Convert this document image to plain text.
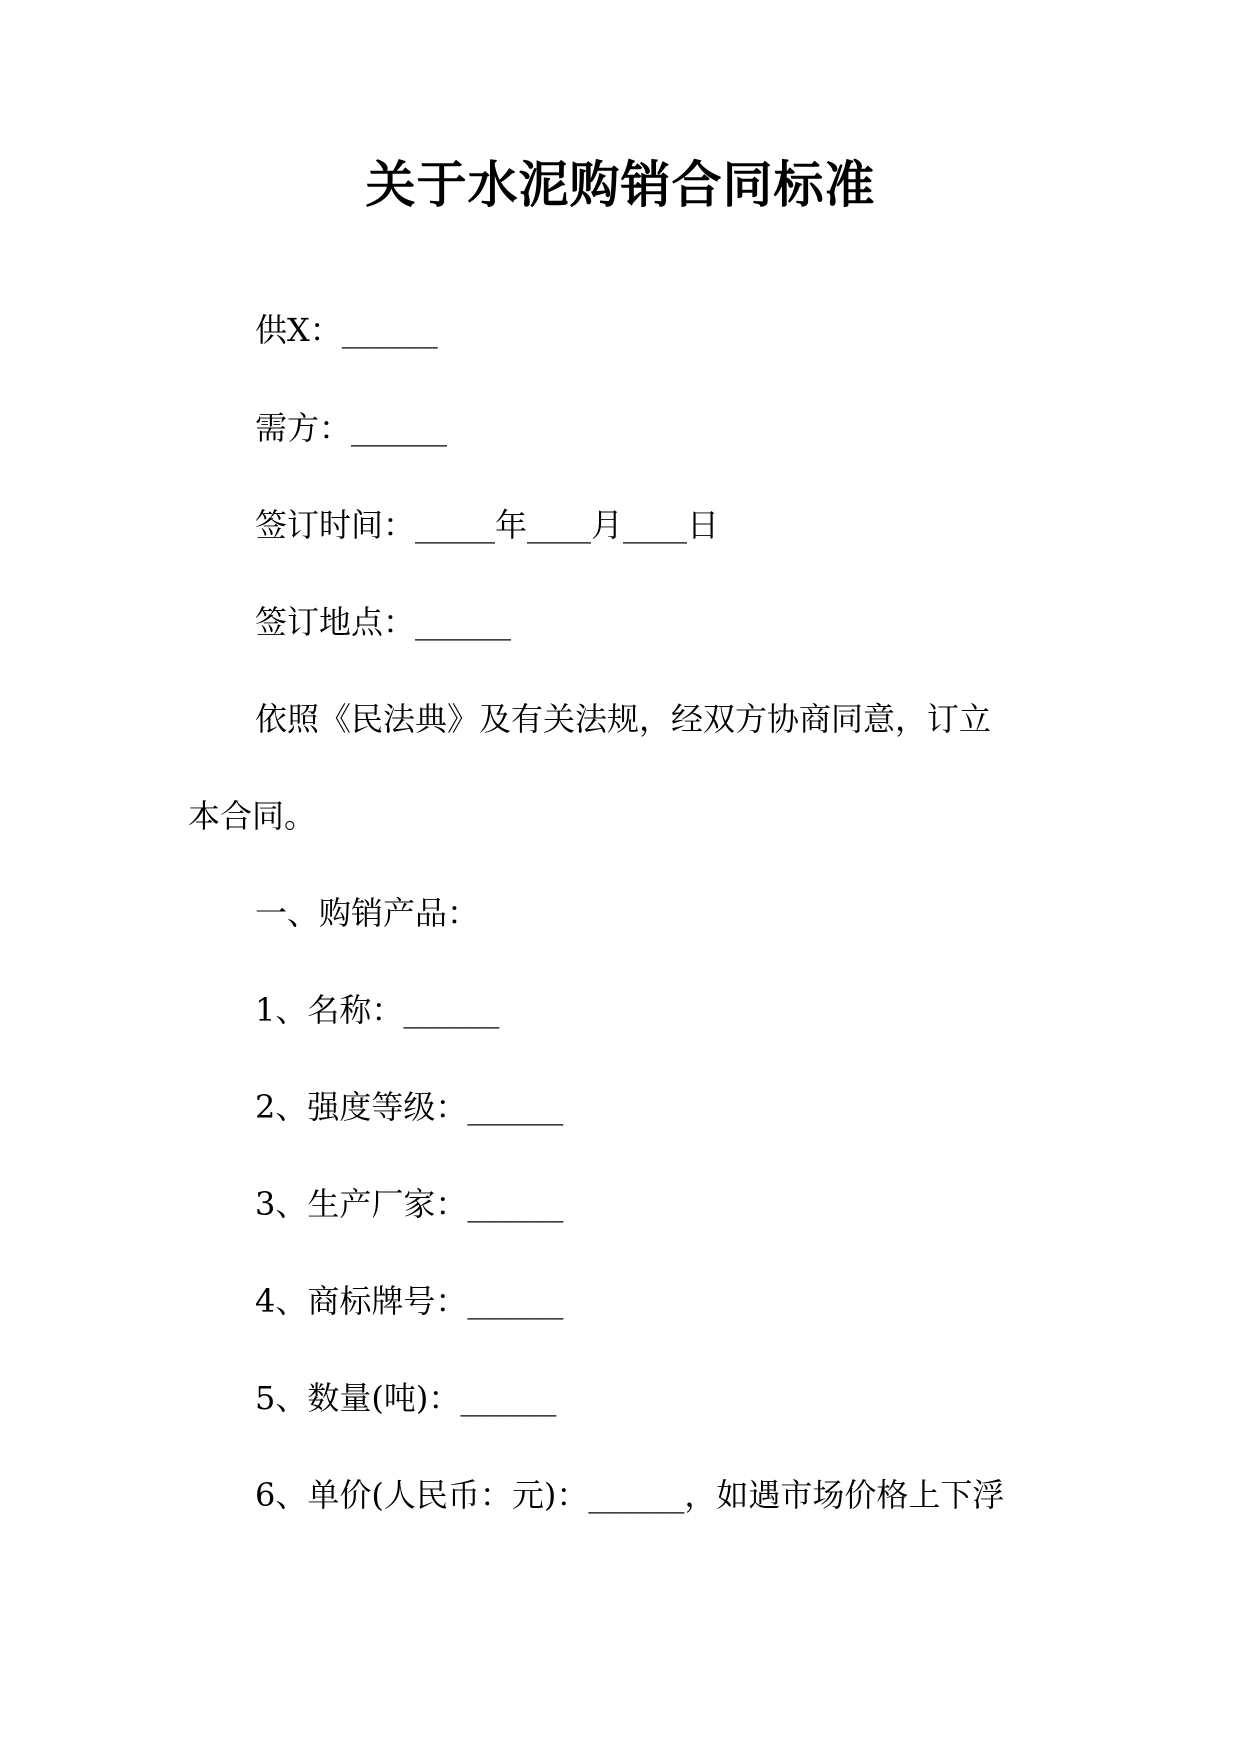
关于水泥购销合同标准
供X：______
需方：______
签订时间：_____年____月____日
签订地点：______
依照《民法典》及有关法规，经双方协商同意，订立
本合同。
一、购销产品：
1、名称：______
2、强度等级：______
3、生产厂家：______
4、商标牌号：______
5、数量(吨)：______
6、单价(人民币：元)：______，如遇市场价格上下浮
